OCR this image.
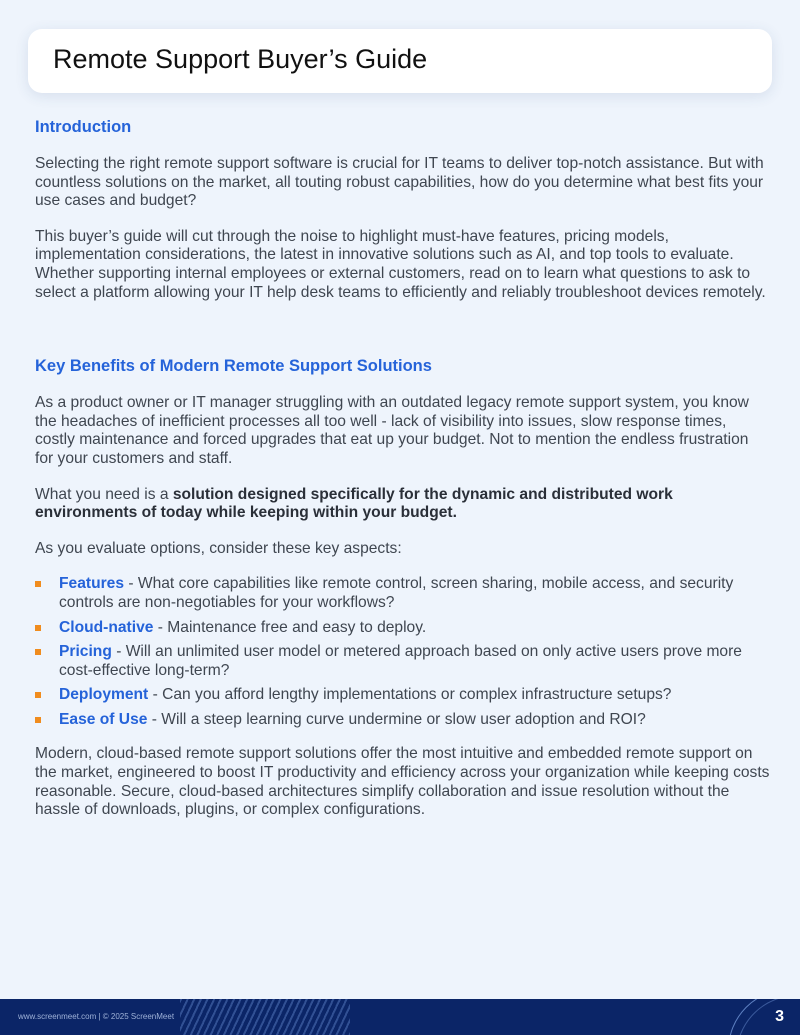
Remote Support Buyer’s Guide
Introduction

Selecting the right remote support software is crucial for IT teams to deliver top-notch assistance. But with countless solutions on the market, all touting robust capabilities, how do you determine what best fits your use cases and budget?

This buyer’s guide will cut through the noise to highlight must-have features, pricing models, implementation considerations, the latest in innovative solutions such as AI, and top tools to evaluate. Whether supporting internal employees or external customers, read on to learn what questions to ask to select a platform allowing your IT help desk teams to efficiently and reliably troubleshoot devices remotely.

Key Benefits of Modern Remote Support Solutions

As a product owner or IT manager struggling with an outdated legacy remote support system, you know the headaches of inefficient processes all too well - lack of visibility into issues, slow response times, costly maintenance and forced upgrades that eat up your budget. Not to mention the endless frustration for your customers and staff.

What you need is a solution designed specifically for the dynamic and distributed work environments of today while keeping within your budget.

As you evaluate options, consider these key aspects:

Features - What core capabilities like remote control, screen sharing, mobile access, and security controls are non-negotiables for your workflows?
Cloud-native - Maintenance free and easy to deploy.
Pricing - Will an unlimited user model or metered approach based on only active users prove more cost-effective long-term?
Deployment - Can you afford lengthy implementations or complex infrastructure setups?
Ease of Use - Will a steep learning curve undermine or slow user adoption and ROI?

Modern, cloud-based remote support solutions offer the most intuitive and embedded remote support on the market, engineered to boost IT productivity and efficiency across your organization while keeping costs reasonable. Secure, cloud-based architectures simplify collaboration and issue resolution without the hassle of downloads, plugins, or complex configurations.

www.screenmeet.com | © 2025 ScreenMeet	3
